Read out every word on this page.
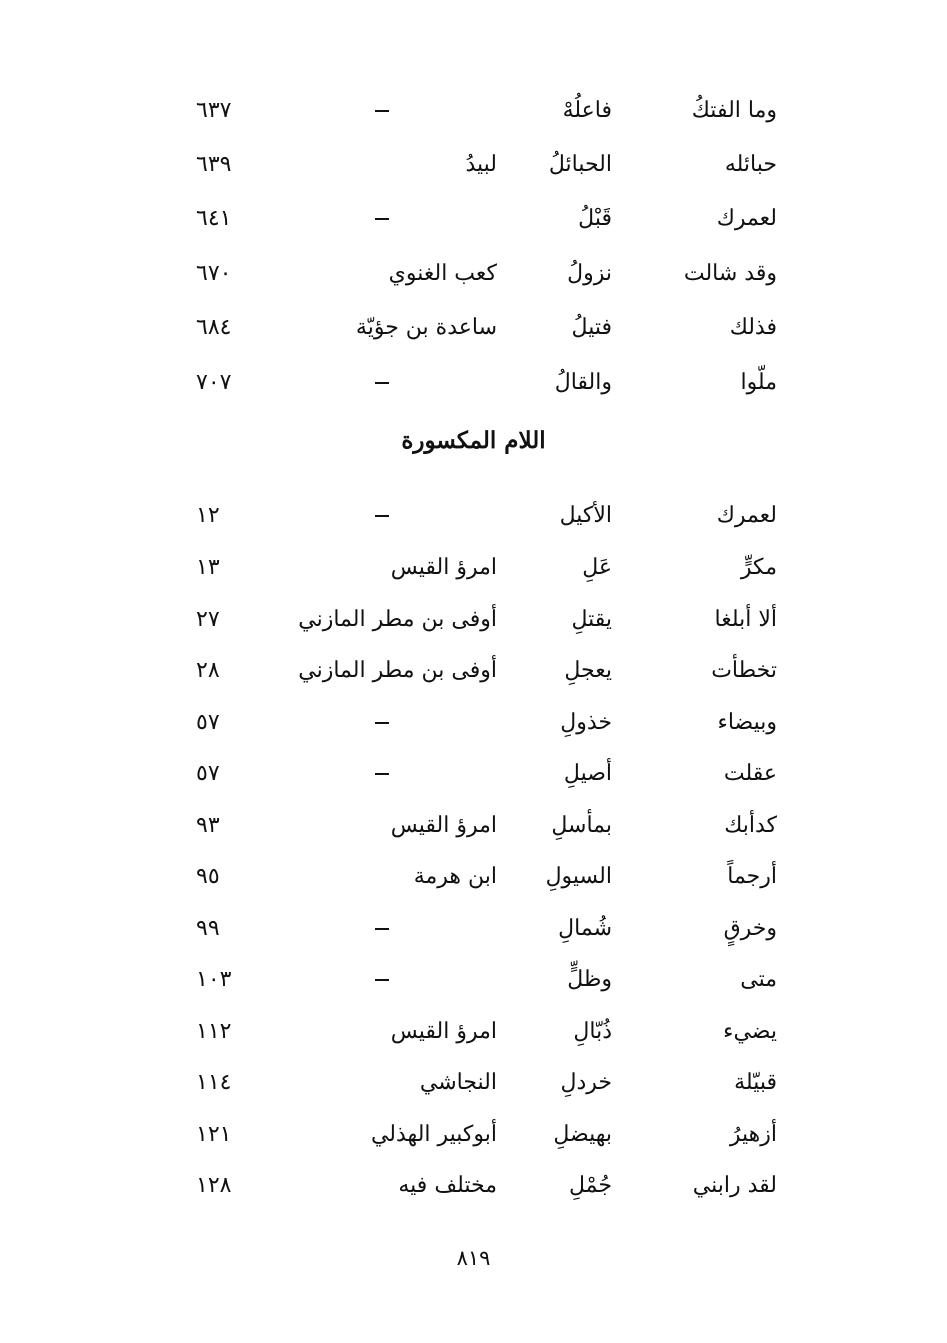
وما الفتكُ
فاعلُهْ
٦٣٧
حبائله
الحبائلُ
لبيدُ
٦٣٩
لعمرك
قَبْلُ
٦٤١
وقد شالت
نزولُ
كعب الغنوي
٦٧٠
فذلك
فتيلُ
ساعدة بن جؤيّة
٦٨٤
ملّوا
والقالُ
٧٠٧
اللام المكسورة
لعمرك
الأكيل
١٢
مكرٍّ
عَلِ
امرؤ القيس
١٣
ألا أبلغا
يقتلِ
أوفى بن مطر المازني
٢٧
تخطأت
يعجلِ
أوفى بن مطر المازني
٢٨
وبيضاء
خذولِ
٥٧
عقلت
أصيلِ
٥٧
كدأبك
بمأسلِ
امرؤ القيس
٩٣
أرجماً
السيولِ
ابن هرمة
٩٥
وخرقٍ
شُمالِ
٩٩
متى
وظلٍّ
١٠٣
يضيء
ذُبّالِ
امرؤ القيس
١١٢
قبيّلة
خردلِ
النجاشي
١١٤
أزهيرُ
بهيضلِ
أبوكبير الهذلي
١٢١
لقد رابني
جُمْلِ
مختلف فيه
١٢٨
٨١٩
